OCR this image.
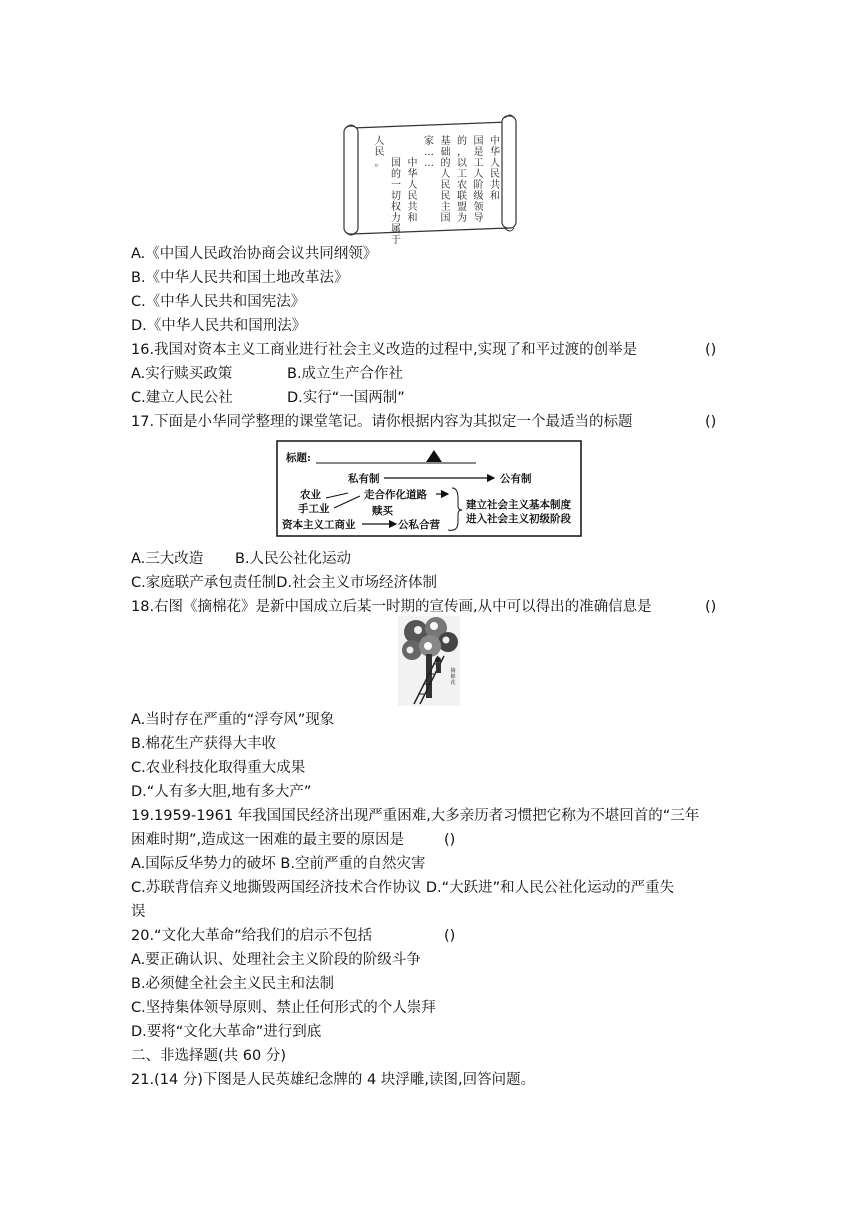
中华人民共和
国是工人阶级领导
的，以工农联盟为
基础的人民民主国
家… …
中华人民共和
国的一切权力属于
人民。
A.《中国人民政治协商会议共同纲领》
B.《中华人民共和国土地改革法》
C.《中华人民共和国宪法》
D.《中华人民共和国刑法》
16.我国对资本主义工商业进行社会主义改造的过程中,实现了和平过渡的创举是	()
A.实行赎买政策	B.成立生产合作社
C.建立人民公社	D.实行“一国两制”
17.下面是小华同学整理的课堂笔记。请你根据内容为其拟定一个最适当的标题	()
标题:
私有制	公有制
农业
手工业
走合作化道路
赎买
资本主义工商业	公私合营
建立社会主义基本制度
进入社会主义初级阶段
A.三大改造 B.人民公社化运动
C.家庭联产承包责任制D.社会主义市场经济体制
18.右图《摘棉花》是新中国成立后某一时期的宣传画,从中可以得出的准确信息是	()
摘棉花
A.当时存在严重的“浮夸风”现象
B.棉花生产获得大丰收
C.农业科技化取得重大成果
D.“人有多大胆,地有多大产”
19.1959-1961 年我国国民经济出现严重困难,大多亲历者习惯把它称为不堪回首的“三年
困难时期”,造成这一困难的最主要的原因是	()
A.国际反华势力的破坏 B.空前严重的自然灾害
C.苏联背信弃义地撕毁两国经济技术合作协议 D.“大跃进”和人民公社化运动的严重失
误
20.“文化大革命”给我们的启示不包括	()
A.要正确认识、处理社会主义阶段的阶级斗争
B.必须健全社会主义民主和法制
C.坚持集体领导原则、禁止任何形式的个人崇拜
D.要将“文化大革命”进行到底
二、非选择题(共 60 分)
21.(14 分)下图是人民英雄纪念牌的 4 块浮雕,读图,回答问题。
